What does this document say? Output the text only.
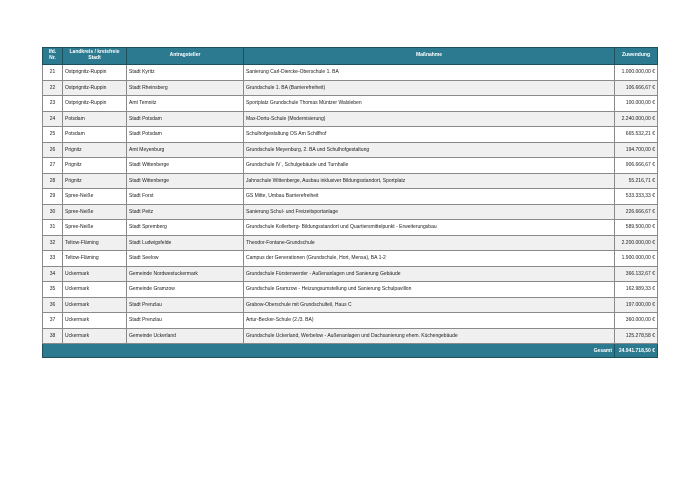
lfd. Nr.	Landkreis / kreisfreie Stadt	Antragsteller	Maßnahme	Zuwendung
21	Ostprignitz-Ruppin	Stadt Kyritz	Sanierung Carl-Diercke-Oberschule 1. BA	1.000.000,00 €
22	Ostprignitz-Ruppin	Stadt Rheinsberg	Grundschule 1. BA (Barrierefreiheit)	106.666,67 €
23	Ostprignitz-Ruppin	Amt Temnitz	Sportplatz Grundschule Thomas Müntzer Walsleben	100.000,00 €
24	Potsdam	Stadt Potsdam	Max-Dortu-Schule (Modernisierung)	2.240.000,00 €
25	Potsdam	Stadt Potsdam	Schulhofgestaltung OS Am Schilfhof	665.532,21 €
26	Prignitz	Amt Meyenburg	Grundschule Meyenburg, 2. BA und Schulhofgestaltung	194.700,00 €
27	Prignitz	Stadt Wittenberge	Grundschule IV , Schulgebäude und Turnhalle	906.666,67 €
28	Prignitz	Stadt Wittenberge	Jahnschule Wittenberge, Ausbau inklusiver Bildungsstandort, Sportplatz	55.216,71 €
29	Spree-Neiße	Stadt Forst	GS Mitte, Umbau Barrierefreiheit	533.333,33 €
30	Spree-Neiße	Stadt Peitz	Sanierung Schul- und Freizeitsportanlage	226.666,67 €
31	Spree-Neiße	Stadt Spremberg	Grundschule Kollerberg- Bildungsstandort und Quartiersmittelpunkt - Erweiterungsbau	589.500,00 €
32	Teltow-Fläming	Stadt Ludwigsfelde	Theodor-Fontane-Grundschule	2.200.000,00 €
33	Teltow-Fläming	Stadt Seelow	Campus der Generationen (Grundschule, Hort, Mensa), BA 1-2	1.900.000,00 €
34	Uckermark	Gemeinde Nordwestuckermark	Grundschule Fürstenwerder - Außenanlagen und Sanierung Gebäude	366.132,67 €
35	Uckermark	Gemeinde Gramzow	Grundschule Gramzow - Heizungsumstellung und Sanierung Schulpavillon	162.989,33 €
36	Uckermark	Stadt Prenzlau	Grabow-Oberschule mit Grundschulteil, Haus C	197.000,00 €
37	Uckermark	Stadt Prenzlau	Artur-Becker-Schule (2./3. BA)	360.000,00 €
38	Uckermark	Gemeinde Uckerland	Grundschule Uckerland, Werbelow - Außenanlagen und Dachsanierung ehem. Küchengebäude	125.278,58 €
Gesamt				24.941.718,50 €
